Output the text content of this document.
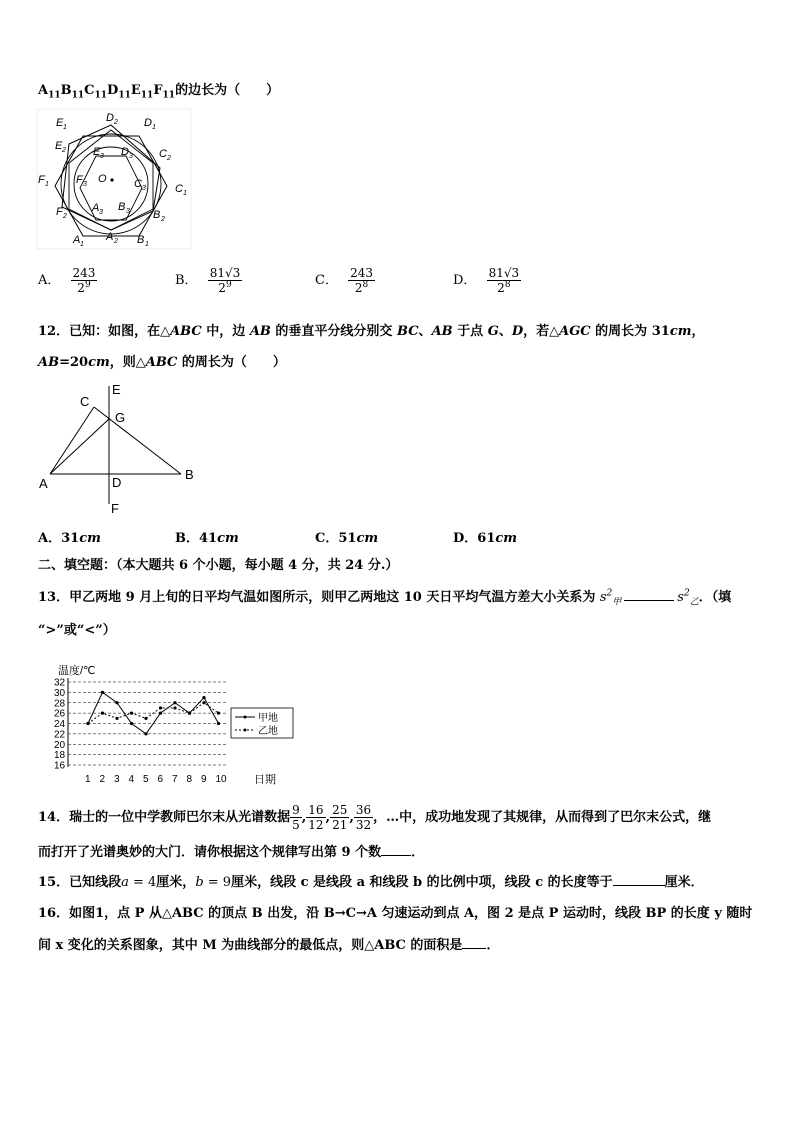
$A_{11}B_{11}C_{11}D_{11}E_{11}F_{11}$的边长为（　　）
E 1
D 2 D 1
E 2 E 3 D 3 C 2
F 1 F 3 O C 3	C 1
F 2
A 3 B 3 B 2
A 1
A 2 B 1
A． $\frac{243}{2^9}$	B． $\frac{81√3}{2^9}$	C． $\frac{243}{2^8}$	D． $\frac{81√3}{2^8}$
12．已知：如图，在△ABC 中，边 AB 的垂直平分线分别交 BC、AB 于点 G、D，若△AGC 的周长为 31cm，
AB=20cm，则△ABC 的周长为（　　）
C
E
G
A	D
B
F
A．31cm	B．41cm	C．51cm	D．61cm
二、填空题：（本大题共 6 个小题，每小题 4 分，共 24 分.）
13．甲乙两地 9 月上旬的日平均气温如图所示，则甲乙两地这 10 天日平均气温方差大小关系为 $s^2_甲$	$s^2_乙$．（填
“>”或“<”）
温度/℃
日期
16
18
20
22
24
26
28
30
32
1 2 3 4 5 6 7 8 9 10
甲地
乙地
14．瑞士的一位中学教师巴尔末从光谱数据 $\frac{9}{5}$ , $\frac{16}{12}$ , $\frac{25}{21}$ , $\frac{36}{32}$ ，…中，成功地发现了其规律，从而得到了巴尔末公式，继
而打开了光谱奥妙的大门．请你根据这个规律写出第 9 个数 ．
15．已知线段a = 4厘米，b = 9厘米，线段 c 是线段 a 和线段 b 的比例中项，线段 c 的长度等于	厘米．
16．如图1，点 P 从△ABC 的顶点 B 出发，沿 B→C→A 匀速运动到点 A，图 2 是点 P 运动时，线段 BP 的长度 y 随时
间 x 变化的关系图象，其中 M 为曲线部分的最低点，则△ABC 的面积是 ．
